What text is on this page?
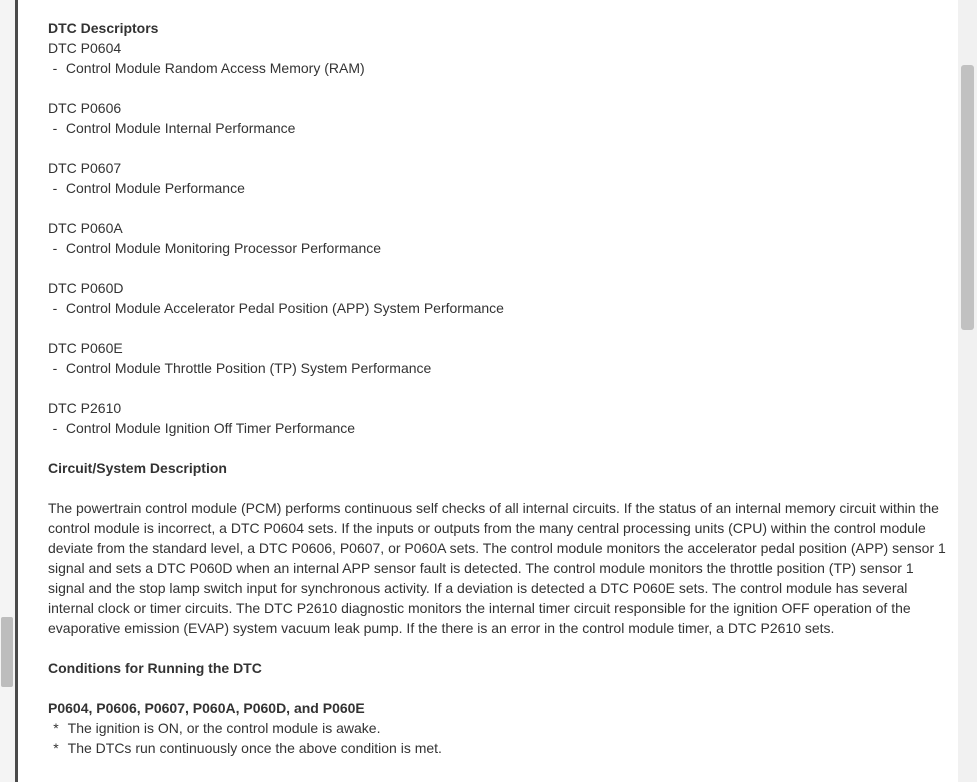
DTC Descriptors
DTC P0604
- Control Module Random Access Memory (RAM)
DTC P0606
- Control Module Internal Performance
DTC P0607
- Control Module Performance
DTC P060A
- Control Module Monitoring Processor Performance
DTC P060D
- Control Module Accelerator Pedal Position (APP) System Performance
DTC P060E
- Control Module Throttle Position (TP) System Performance
DTC P2610
- Control Module Ignition Off Timer Performance
Circuit/System Description

The powertrain control module (PCM) performs continuous self checks of all internal circuits. If the status of an internal memory circuit within the control module is incorrect, a DTC P0604 sets. If the inputs or outputs from the many central processing units (CPU) within the control module deviate from the standard level, a DTC P0606, P0607, or P060A sets. The control module monitors the accelerator pedal position (APP) sensor 1 signal and sets a DTC P060D when an internal APP sensor fault is detected. The control module monitors the throttle position (TP) sensor 1 signal and the stop lamp switch input for synchronous activity. If a deviation is detected a DTC P060E sets. The control module has several internal clock or timer circuits. The DTC P2610 diagnostic monitors the internal timer circuit responsible for the ignition OFF operation of the evaporative emission (EVAP) system vacuum leak pump. If the there is an error in the control module timer, a DTC P2610 sets.

Conditions for Running the DTC
P0604, P0606, P0607, P060A, P060D, and P060E
* The ignition is ON, or the control module is awake.
* The DTCs run continuously once the above condition is met.
